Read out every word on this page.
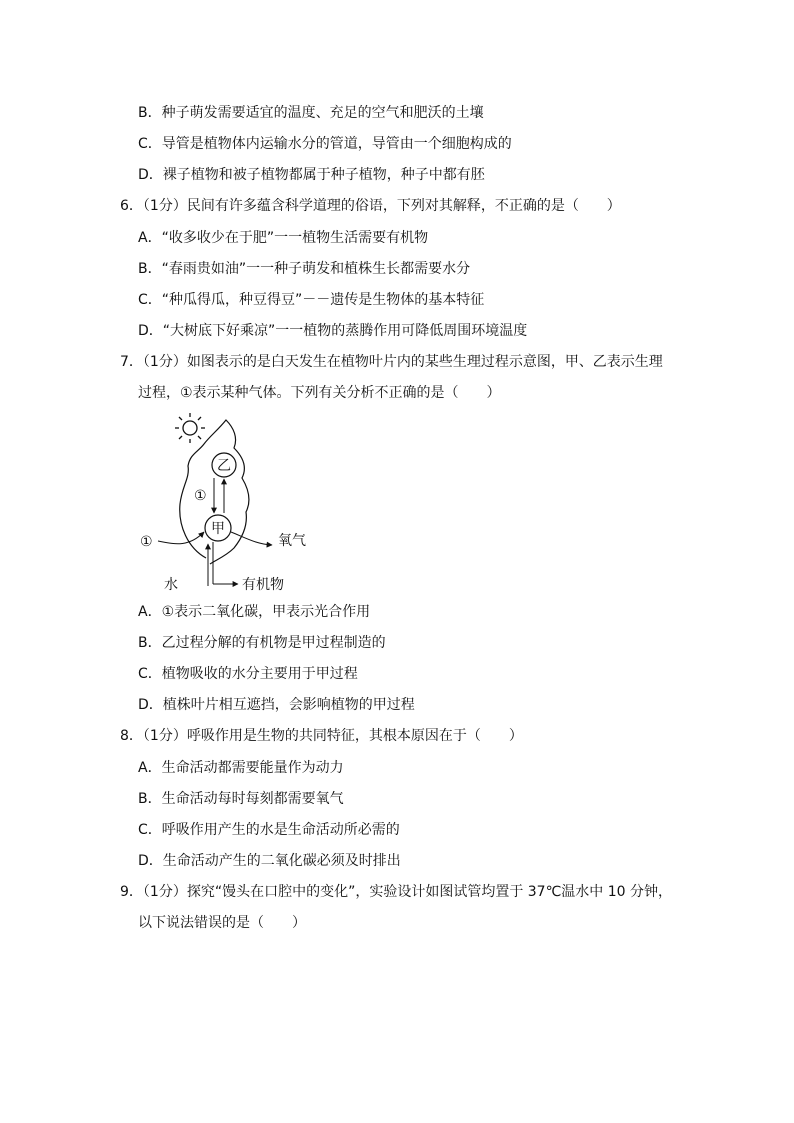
B．种子萌发需要适宜的温度、充足的空气和肥沃的土壤
C．导管是植物体内运输水分的管道，导管由一个细胞构成的
D．裸子植物和被子植物都属于种子植物，种子中都有胚
6．（1分）民间有许多蕴含科学道理的俗语，下列对其解释，不正确的是（　　）
A．“收多收少在于肥”一一植物生活需要有机物
B．“春雨贵如油”一一种子萌发和植株生长都需要水分
C．“种瓜得瓜，种豆得豆”－－遗传是生物体的基本特征
D．“大树底下好乘凉”一一植物的蒸腾作用可降低周围环境温度
7．（1分）如图表示的是白天发生在植物叶片内的某些生理过程示意图，甲、乙表示生理
过程，①表示某种气体。下列有关分析不正确的是（　　）
乙
甲
①
①	氧气
水	有机物
A．①表示二氧化碳，甲表示光合作用
B．乙过程分解的有机物是甲过程制造的
C．植物吸收的水分主要用于甲过程
D．植株叶片相互遮挡，会影响植物的甲过程
8．（1分）呼吸作用是生物的共同特征，其根本原因在于（　　）
A．生命活动都需要能量作为动力
B．生命活动每时每刻都需要氧气
C．呼吸作用产生的水是生命活动所必需的
D．生命活动产生的二氧化碳必须及时排出
9．（1分）探究“馒头在口腔中的变化”，实验设计如图试管均置于 37℃温水中 10 分钟，
以下说法错误的是（　　）
